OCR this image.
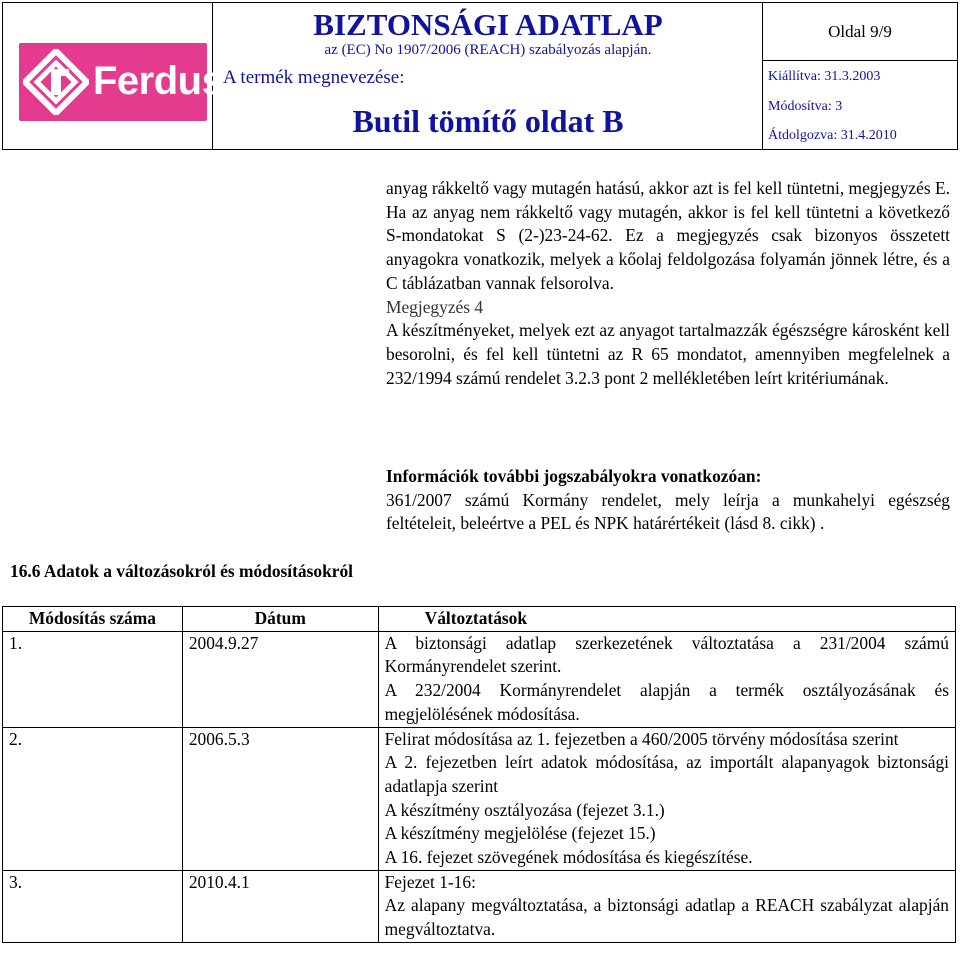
Ferdus
BIZTONSÁGI ADATLAP
az (EC) No 1907/2006 (REACH) szabályozás alapján.
A termék megnevezése:
Butil tömítő oldat B
Oldal 9/9
Kiállítva: 31.3.2003
Módosítva: 3
Átdolgozva: 31.4.2010

anyag rákkeltő vagy mutagén hatású, akkor azt is fel kell tüntetni, megjegyzés E. Ha az anyag nem rákkeltő vagy mutagén, akkor is fel kell tüntetni a következő S-mondatokat S (2-)23-24-62. Ez a megjegyzés csak bizonyos összetett anyagokra vonatkozik, melyek a kőolaj feldolgozása folyamán jönnek létre, és a C táblázatban vannak felsorolva.

Megjegyzés 4

A készítményeket, melyek ezt az anyagot tartalmazzák égészségre károsként kell besorolni, és fel kell tüntetni az R 65 mondatot, amennyiben megfelelnek a 232/1994 számú rendelet 3.2.3 pont 2 mellékletében leírt kritériumának.

Információk további jogszabályokra vonatkozóan:

361/2007 számú Kormány rendelet, mely leírja a munkahelyi egészség feltételeit, beleértve a PEL és NPK határértékeit (lásd 8. cikk) .

16.6 Adatok a változásokról és módosításokról
Módosítás száma	Dátum	Változtatások
1.	2004.9.27	A biztonsági adatlap szerkezetének változtatása a 231/2004 számú Kormányrendelet szerint.
A 232/2004 Kormányrendelet alapján a termék osztályozásának és megjelölésének módosítása.

2.	2006.5.3	Felirat módosítása az 1. fejezetben a 460/2005 törvény módosítása szerint
A 2. fejezetben leírt adatok módosítása, az importált alapanyagok biztonsági adatlapja szerint
A készítmény osztályozása (fejezet 3.1.)
A készítmény megjelölése (fejezet 15.)
A 16. fejezet szövegének módosítása és kiegészítése.

3.	2010.4.1	Fejezet 1-16:
Az alapany megváltoztatása, a biztonsági adatlap a REACH szabályzat alapján megváltoztatva.
